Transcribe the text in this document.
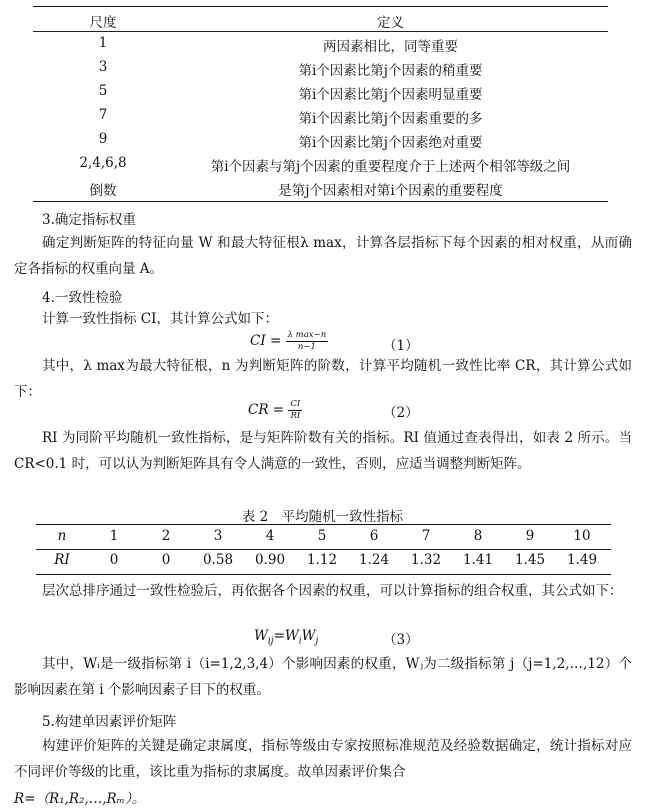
尺度	定义
1	两因素相比，同等重要
3	第i个因素比第j个因素的稍重要
5	第i个因素比第j个因素明显重要
7	第i个因素比第j个因素重要的多
9	第i个因素比第j个因素绝对重要
2,4,6,8	第i个因素与第j个因素的重要程度介于上述两个相邻等级之间
倒数	是第j个因素相对第i个因素的重要程度
3.确定指标权重
确定判断矩阵的特征向量 W 和最大特征根λ max，计算各层指标下每个因素的相对权重，从而确定各指标的权重向量 A。
4.一致性检验
计算一致性指标 CI，其计算公式如下：
CI = $\frac{\text{λ max−n}}{n-1}$	（1）
其中，λ max为最大特征根，n 为判断矩阵的阶数，计算平均随机一致性比率 CR，其计算公式如下：
CR = $\frac{CI}{RI}$	（2）
RI 为同阶平均随机一致性指标，是与矩阵阶数有关的指标。RI 值通过查表得出，如表 2 所示。当 CR<0.1 时，可以认为判断矩阵具有令人满意的一致性，否则，应适当调整判断矩阵。
表 2　平均随机一致性指标
n	1	2	3	4	5	6	7	8	9	10
RI	0	0	0.58	0.90	1.12	1.24	1.32	1.41	1.45	1.49
层次总排序通过一致性检验后，再依据各个因素的权重，可以计算指标的组合权重，其公式如下：
$W_{ij}=W_iW_j$	（3）
其中，Wᵢ是一级指标第 i（i=1,2,3,4）个影响因素的权重，Wⱼ为二级指标第 j（j=1,2,…,12）个影响因素在第 i 个影响因素子目下的权重。
5.构建单因素评价矩阵
构建评价矩阵的关键是确定隶属度，指标等级由专家按照标准规范及经验数据确定，统计指标对应不同评价等级的比重，该比重为指标的隶属度。故单因素评价集合
R=（R₁,R₂,…,Rₘ）。
